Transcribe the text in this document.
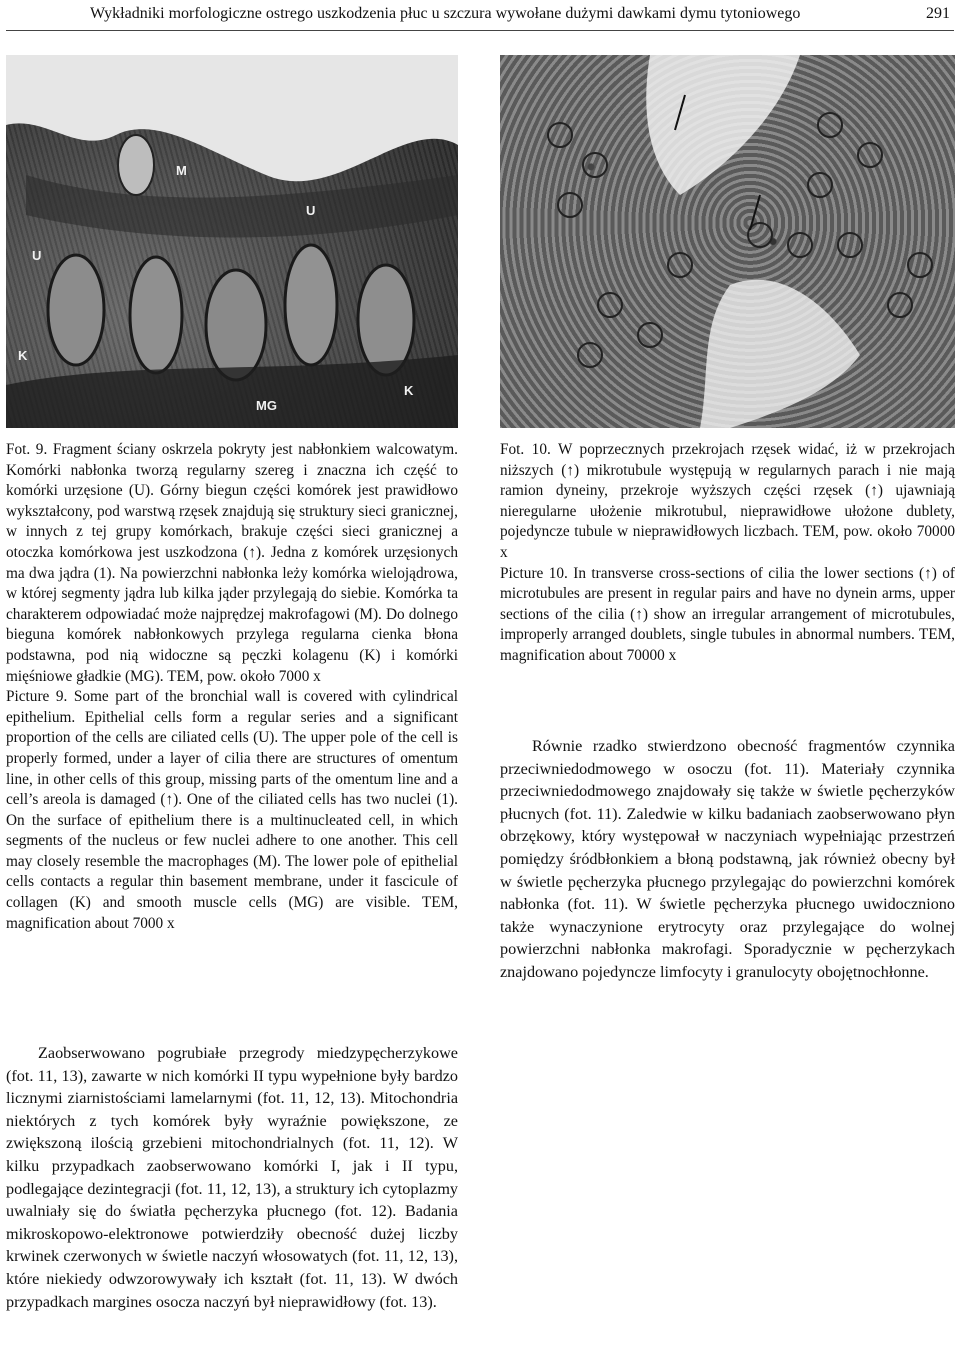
Wykładniki morfologiczne ostrego uszkodzenia płuc u szczura wywołane dużymi dawkami dymu tytoniowego	291
M
U
U
K
K
MG

Fot. 9. Fragment ściany oskrzela pokryty jest nabłonkiem walcowatym. Komórki nabłonka tworzą regularny szereg i znaczna ich część to komórki urzęsione (U). Górny biegun części komórek jest prawidłowo wykształcony, pod warstwą rzęsek znajdują się struktury sieci granicznej, w innych z tej grupy komórkach, brakuje części sieci granicznej a otoczka komórkowa jest uszkodzona (↑). Jedna z komórek urzęsionych ma dwa jądra (1). Na powierzchni nabłonka leży komórka wielojądrowa, w której segmenty jądra lub kilka jąder przylegają do siebie. Komórka ta charakterem odpowiadać może najprędzej makrofagowi (M). Do dolnego bieguna komórek nabłonkowych przylega regularna cienka błona podstawna, pod nią widoczne są pęczki kolagenu (K) i komórki mięśniowe gładkie (MG). TEM, pow. około 7000 x

Picture 9. Some part of the bronchial wall is covered with cylindrical epithelium. Epithelial cells form a regular series and a significant proportion of the cells are ciliated cells (U). The upper pole of the cell is properly formed, under a layer of cilia there are structures of omentum line, in other cells of this group, missing parts of the omentum line and a cell’s areola is damaged (↑). One of the ciliated cells has two nuclei (1). On the surface of epithelium there is a multinucleated cell, in which segments of the nucleus or few nuclei adhere to one another. This cell may closely resemble the macrophages (M). The lower pole of epithelial cells contacts a regular thin basement membrane, under it fascicule of collagen (K) and smooth muscle cells (MG) are visible. TEM, magnification about 7000 x

Fot. 10. W poprzecznych przekrojach rzęsek widać, iż w przekrojach niższych (↑) mikrotubule występują w regularnych parach i nie mają ramion dyneiny, przekroje wyższych części rzęsek (↑) ujawniają nieregularne ułożenie mikrotubul, nieprawidłowe ułożone dublety, pojedyncze tubule w nieprawidłowych liczbach. TEM, pow. około 70000 x

Picture 10. In transverse cross-sections of cilia the lower sections (↑) of microtubules are present in regular pairs and have no dynein arms, upper sections of the cilia (↑) show an irregular arrangement of microtubules, improperly arranged doublets, single tubules in abnormal numbers. TEM, magnification about 70000 x

Zaobserwowano pogrubiałe przegrody miedzypęcherzykowe (fot. 11, 13), zawarte w nich komórki II typu wypełnione były bardzo licznymi ziarnistościami lamelarnymi (fot. 11, 12, 13). Mitochondria niektórych z tych komórek były wyraźnie powiększone, ze zwiększoną ilością grzebieni mitochondrialnych (fot. 11, 12). W kilku przypadkach zaobserwowano komórki I, jak i II typu, podlegające dezintegracji (fot. 11, 12, 13), a struktury ich cytoplazmy uwalniały się do światła pęcherzyka płucnego (fot. 12). Badania mikroskopowo-elektronowe potwierdziły obecność dużej liczby krwinek czerwonych w świetle naczyń włosowatych (fot. 11, 12, 13), które niekiedy odwzorowywały ich kształt (fot. 11, 13). W dwóch przypadkach margines osocza naczyń był nieprawidłowy (fot. 13).

Równie rzadko stwierdzono obecność fragmentów czynnika przeciwniedodmowego w osoczu (fot. 11). Materiały czynnika przeciwniedodmowego znajdowały się także w świetle pęcherzyków płucnych (fot. 11). Zaledwie w kilku badaniach zaobserwowano płyn obrzękowy, który występował w naczyniach wypełniając przestrzeń pomiędzy śródbłonkiem a błoną podstawną, jak również obecny był w świetle pęcherzyka płucnego przylegając do powierzchni komórek nabłonka (fot. 11). W świetle pęcherzyka płucnego uwidoczniono także wynaczynione erytrocyty oraz przylegające do wolnej powierzchni nabłonka makrofagi. Sporadycznie w pęcherzykach znajdowano pojedyncze limfocyty i granulocyty obojętnochłonne.
